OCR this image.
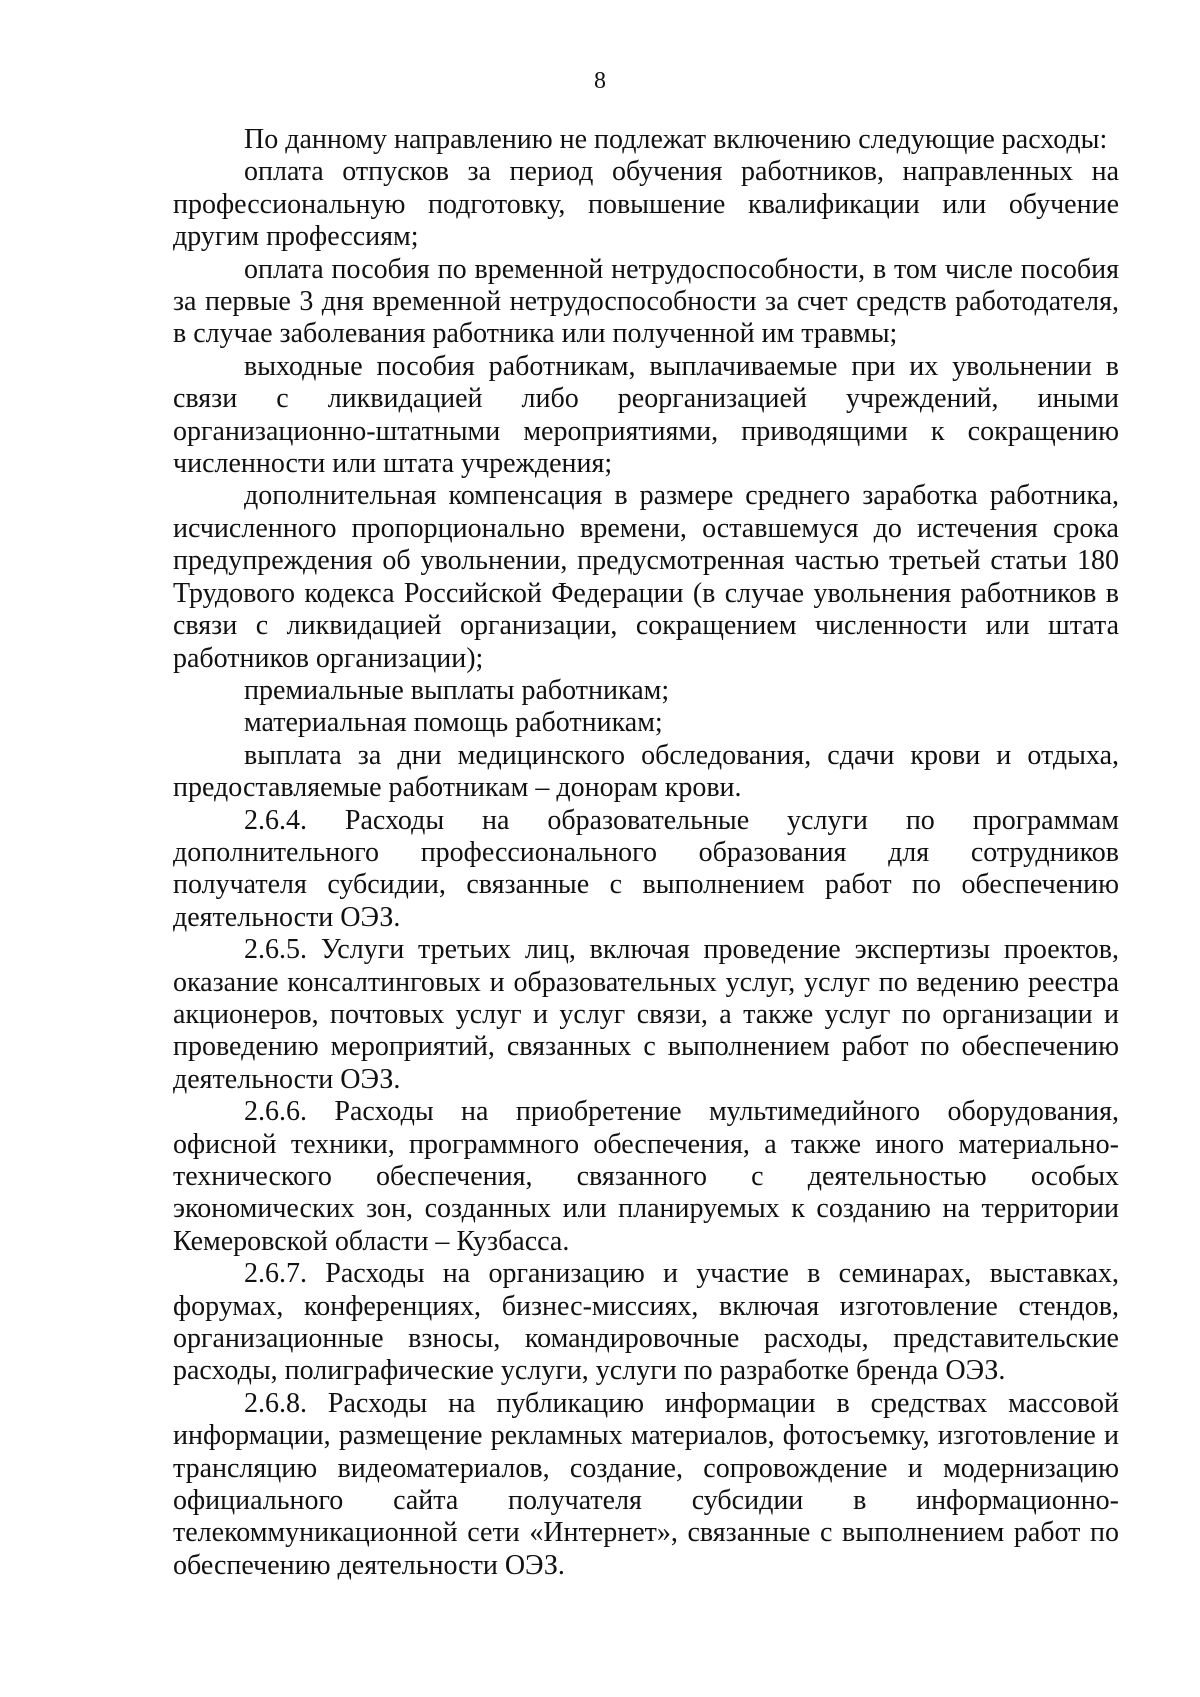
8

По данному направлению не подлежат включению следующие расходы:

оплата отпусков за период обучения работников, направленных на профессиональную подготовку, повышение квалификации или обучение другим профессиям;

оплата пособия по временной нетрудоспособности, в том числе пособия за первые 3 дня временной нетрудоспособности за счет средств работодателя, в случае заболевания работника или полученной им травмы;

выходные пособия работникам, выплачиваемые при их увольнении в связи с ликвидацией либо реорганизацией учреждений, иными организационно-штатными мероприятиями, приводящими к сокращению численности или штата учреждения;

дополнительная компенсация в размере среднего заработка работника, исчисленного пропорционально времени, оставшемуся до истечения срока предупреждения об увольнении, предусмотренная частью третьей статьи 180 Трудового кодекса Российской Федерации (в случае увольнения работников в связи с ликвидацией организации, сокращением численности или штата работников организации);

премиальные выплаты работникам;

материальная помощь работникам;

выплата за дни медицинского обследования, сдачи крови и отдыха, предоставляемые работникам – донорам крови.

2.6.4. Расходы на образовательные услуги по программам дополнительного профессионального образования для сотрудников получателя субсидии, связанные с выполнением работ по обеспечению деятельности ОЭЗ.

2.6.5. Услуги третьих лиц, включая проведение экспертизы проектов, оказание консалтинговых и образовательных услуг, услуг по ведению реестра акционеров, почтовых услуг и услуг связи, а также услуг по организации и проведению мероприятий, связанных с выполнением работ по обеспечению деятельности ОЭЗ.

2.6.6. Расходы на приобретение мультимедийного оборудования, офисной техники, программного обеспечения, а также иного материально-технического обеспечения, связанного с деятельностью особых экономических зон, созданных или планируемых к созданию на территории Кемеровской области – Кузбасса.

2.6.7. Расходы на организацию и участие в семинарах, выставках, форумах, конференциях, бизнес-миссиях, включая изготовление стендов, организационные взносы, командировочные расходы, представительские расходы, полиграфические услуги, услуги по разработке бренда ОЭЗ.

2.6.8. Расходы на публикацию информации в средствах массовой информации, размещение рекламных материалов, фотосъемку, изготовление и трансляцию видеоматериалов, создание, сопровождение и модернизацию официального сайта получателя субсидии в информационно-телекоммуникационной сети «Интернет», связанные с выполнением работ по обеспечению деятельности ОЭЗ.
